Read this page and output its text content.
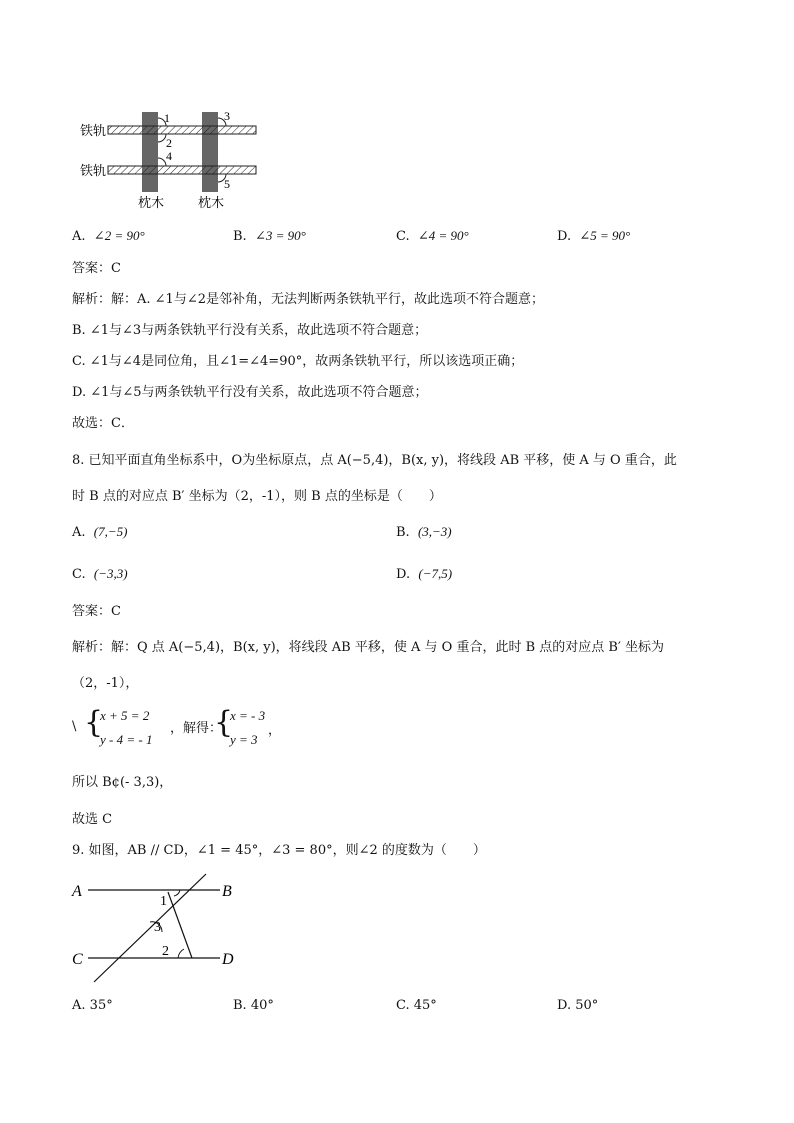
1
2
3
4
5
铁轨
铁轨
枕木	枕木
A. ∠2 = 90°	B. ∠3 = 90°	C. ∠4 = 90°	D. ∠5 = 90°
答案：C
解析：解：A. ∠1与∠2是邻补角，无法判断两条铁轨平行，故此选项不符合题意；
B. ∠1与∠3与两条铁轨平行没有关系，故此选项不符合题意；
C. ∠1与∠4是同位角，且∠1=∠4=90°，故两条铁轨平行，所以该选项正确；
D. ∠1与∠5与两条铁轨平行没有关系，故此选项不符合题意；
故选：C．
8. 已知平面直角坐标系中，O为坐标原点，点 A(−5,4)，B(x, y)，将线段 AB 平移，使 A 与 O 重合，此
时 B 点的对应点 B′ 坐标为（2，-1），则 B 点的坐标是（　　）
A. (7,−5)	B. (3,−3)
C. (−3,3)	D. (−7,5)
答案：C
解析：解：Q 点 A(−5,4)，B(x, y)，将线段 AB 平移，使 A 与 O 重合，此时 B 点的对应点 B′ 坐标为
（2，-1），
\ {
x + 5 = 2
y - 4 = - 1
，解得：
{
x = - 3
y = 3
，
所以 B¢(- 3,3)，
故选 C
9. 如图，AB // CD，∠1 = 45°，∠3 = 80°，则∠2 的度数为（　　）
A	B
C	D
1
3
2
A. 35°	B. 40°	C. 45°	D. 50°
